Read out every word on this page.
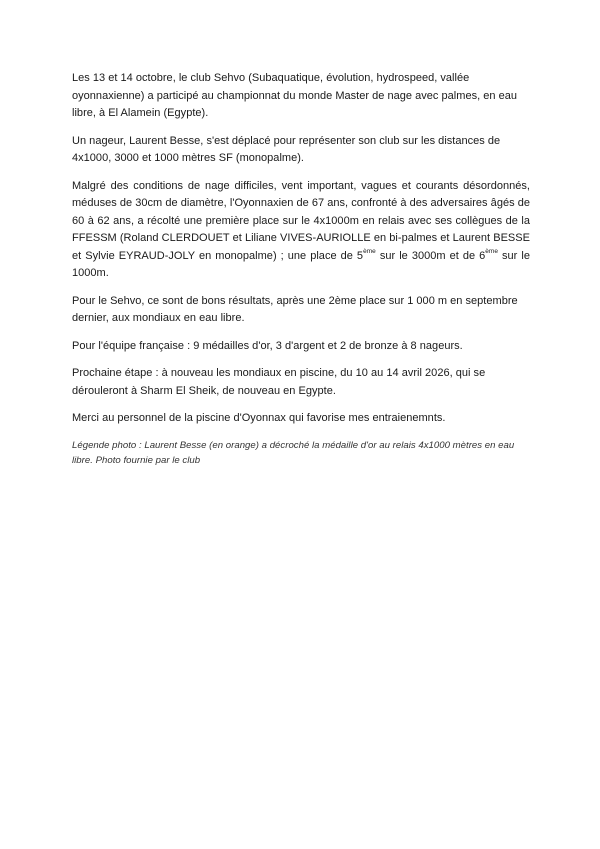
Les 13 et 14 octobre, le club Sehvo (Subaquatique, évolution, hydrospeed, vallée oyonnaxienne) a participé au championnat du monde Master de nage avec palmes, en eau libre, à El Alamein (Egypte).

Un nageur, Laurent Besse, s'est déplacé pour représenter son club sur les distances de 4x1000, 3000 et 1000 mètres SF (monopalme).

Malgré des conditions de nage difficiles, vent important, vagues et courants désordonnés, méduses de 30cm de diamètre, l'Oyonnaxien de 67 ans, confronté à des adversaires âgés de 60 à 62 ans, a récolté une première place sur le 4x1000m en relais avec ses collègues de la FFESSM (Roland CLERDOUET et Liliane VIVES-AURIOLLE en bi-palmes et Laurent BESSE et Sylvie EYRAUD-JOLY en monopalme) ; une place de 5ème sur le 3000m et de 6ème sur le 1000m.

Pour le Sehvo, ce sont de bons résultats, après une 2ème place sur 1 000 m en septembre dernier, aux mondiaux en eau libre.

Pour l'équipe française : 9 médailles d'or, 3 d'argent et 2 de bronze à 8 nageurs.

Prochaine étape : à nouveau les mondiaux en piscine, du 10 au 14 avril 2026, qui se dérouleront à Sharm El Sheik, de nouveau en Egypte.

Merci au personnel de la piscine d'Oyonnax qui favorise mes entraienemnts.

Légende photo : Laurent Besse (en orange) a décroché la médaille d'or au relais 4x1000 mètres en eau libre. Photo fournie par le club
